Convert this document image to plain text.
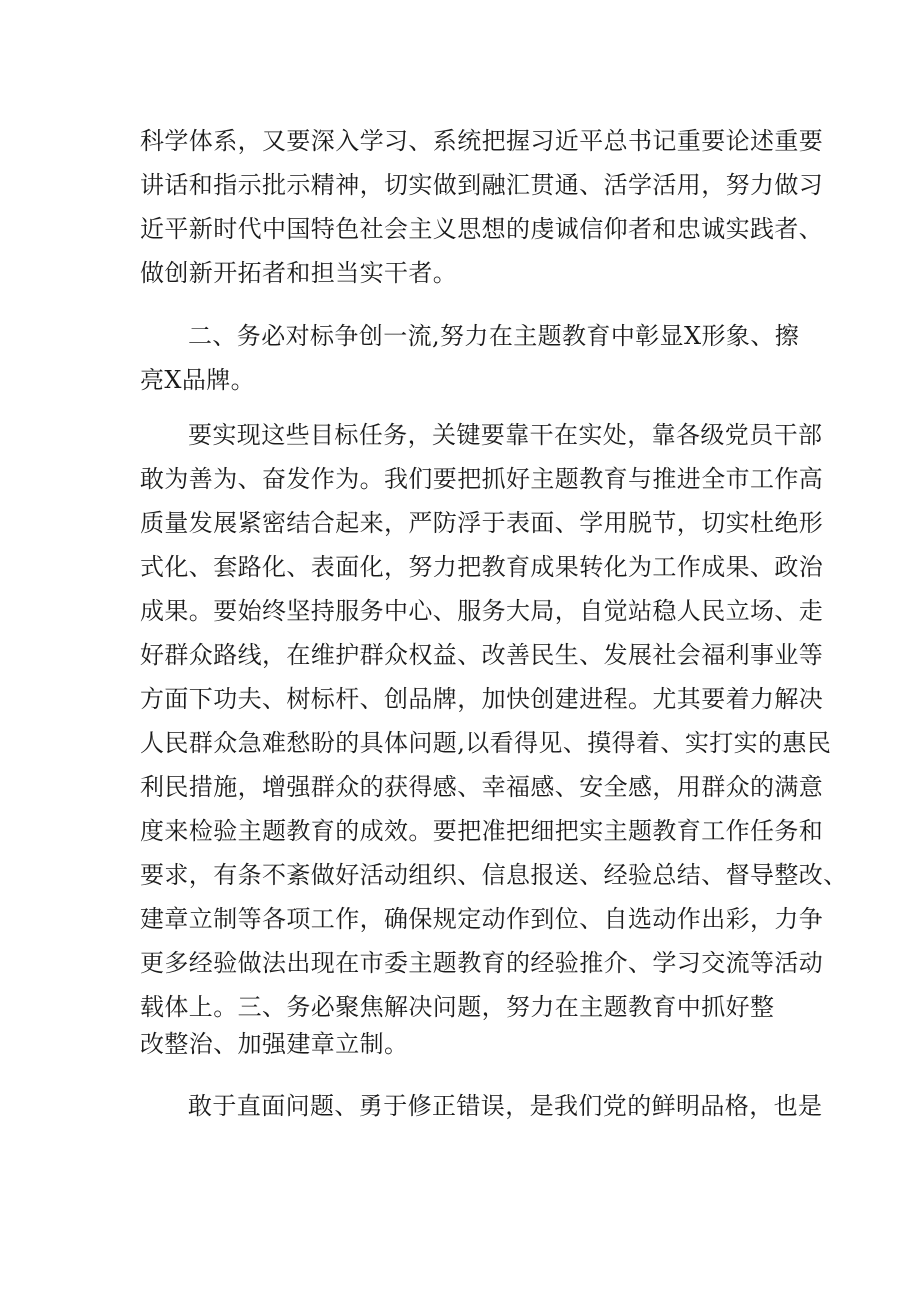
科学体系，又要深入学习、系统把握习近平总书记重要论述重要
讲话和指示批示精神，切实做到融汇贯通、活学活用，努力做习
近平新时代中国特色社会主义思想的虔诚信仰者和忠诚实践者、
做创新开拓者和担当实干者。
二、务必对标争创一流,努力在主题教育中彰显X形象、擦
亮X品牌。
要实现这些目标任务，关键要靠干在实处，靠各级党员干部
敢为善为、奋发作为。我们要把抓好主题教育与推进全市工作高
质量发展紧密结合起来，严防浮于表面、学用脱节，切实杜绝形
式化、套路化、表面化，努力把教育成果转化为工作成果、政治
成果。要始终坚持服务中心、服务大局，自觉站稳人民立场、走
好群众路线，在维护群众权益、改善民生、发展社会福利事业等
方面下功夫、树标杆、创品牌，加快创建进程。尤其要着力解决
人民群众急难愁盼的具体问题,以看得见、摸得着、实打实的惠民
利民措施，增强群众的获得感、幸福感、安全感，用群众的满意
度来检验主题教育的成效。要把准把细把实主题教育工作任务和
要求，有条不紊做好活动组织、信息报送、经验总结、督导整改、
建章立制等各项工作，确保规定动作到位、自选动作出彩，力争
更多经验做法出现在市委主题教育的经验推介、学习交流等活动
载体上。三、务必聚焦解决问题，努力在主题教育中抓好整
改整治、加强建章立制。
敢于直面问题、勇于修正错误，是我们党的鲜明品格，也是
